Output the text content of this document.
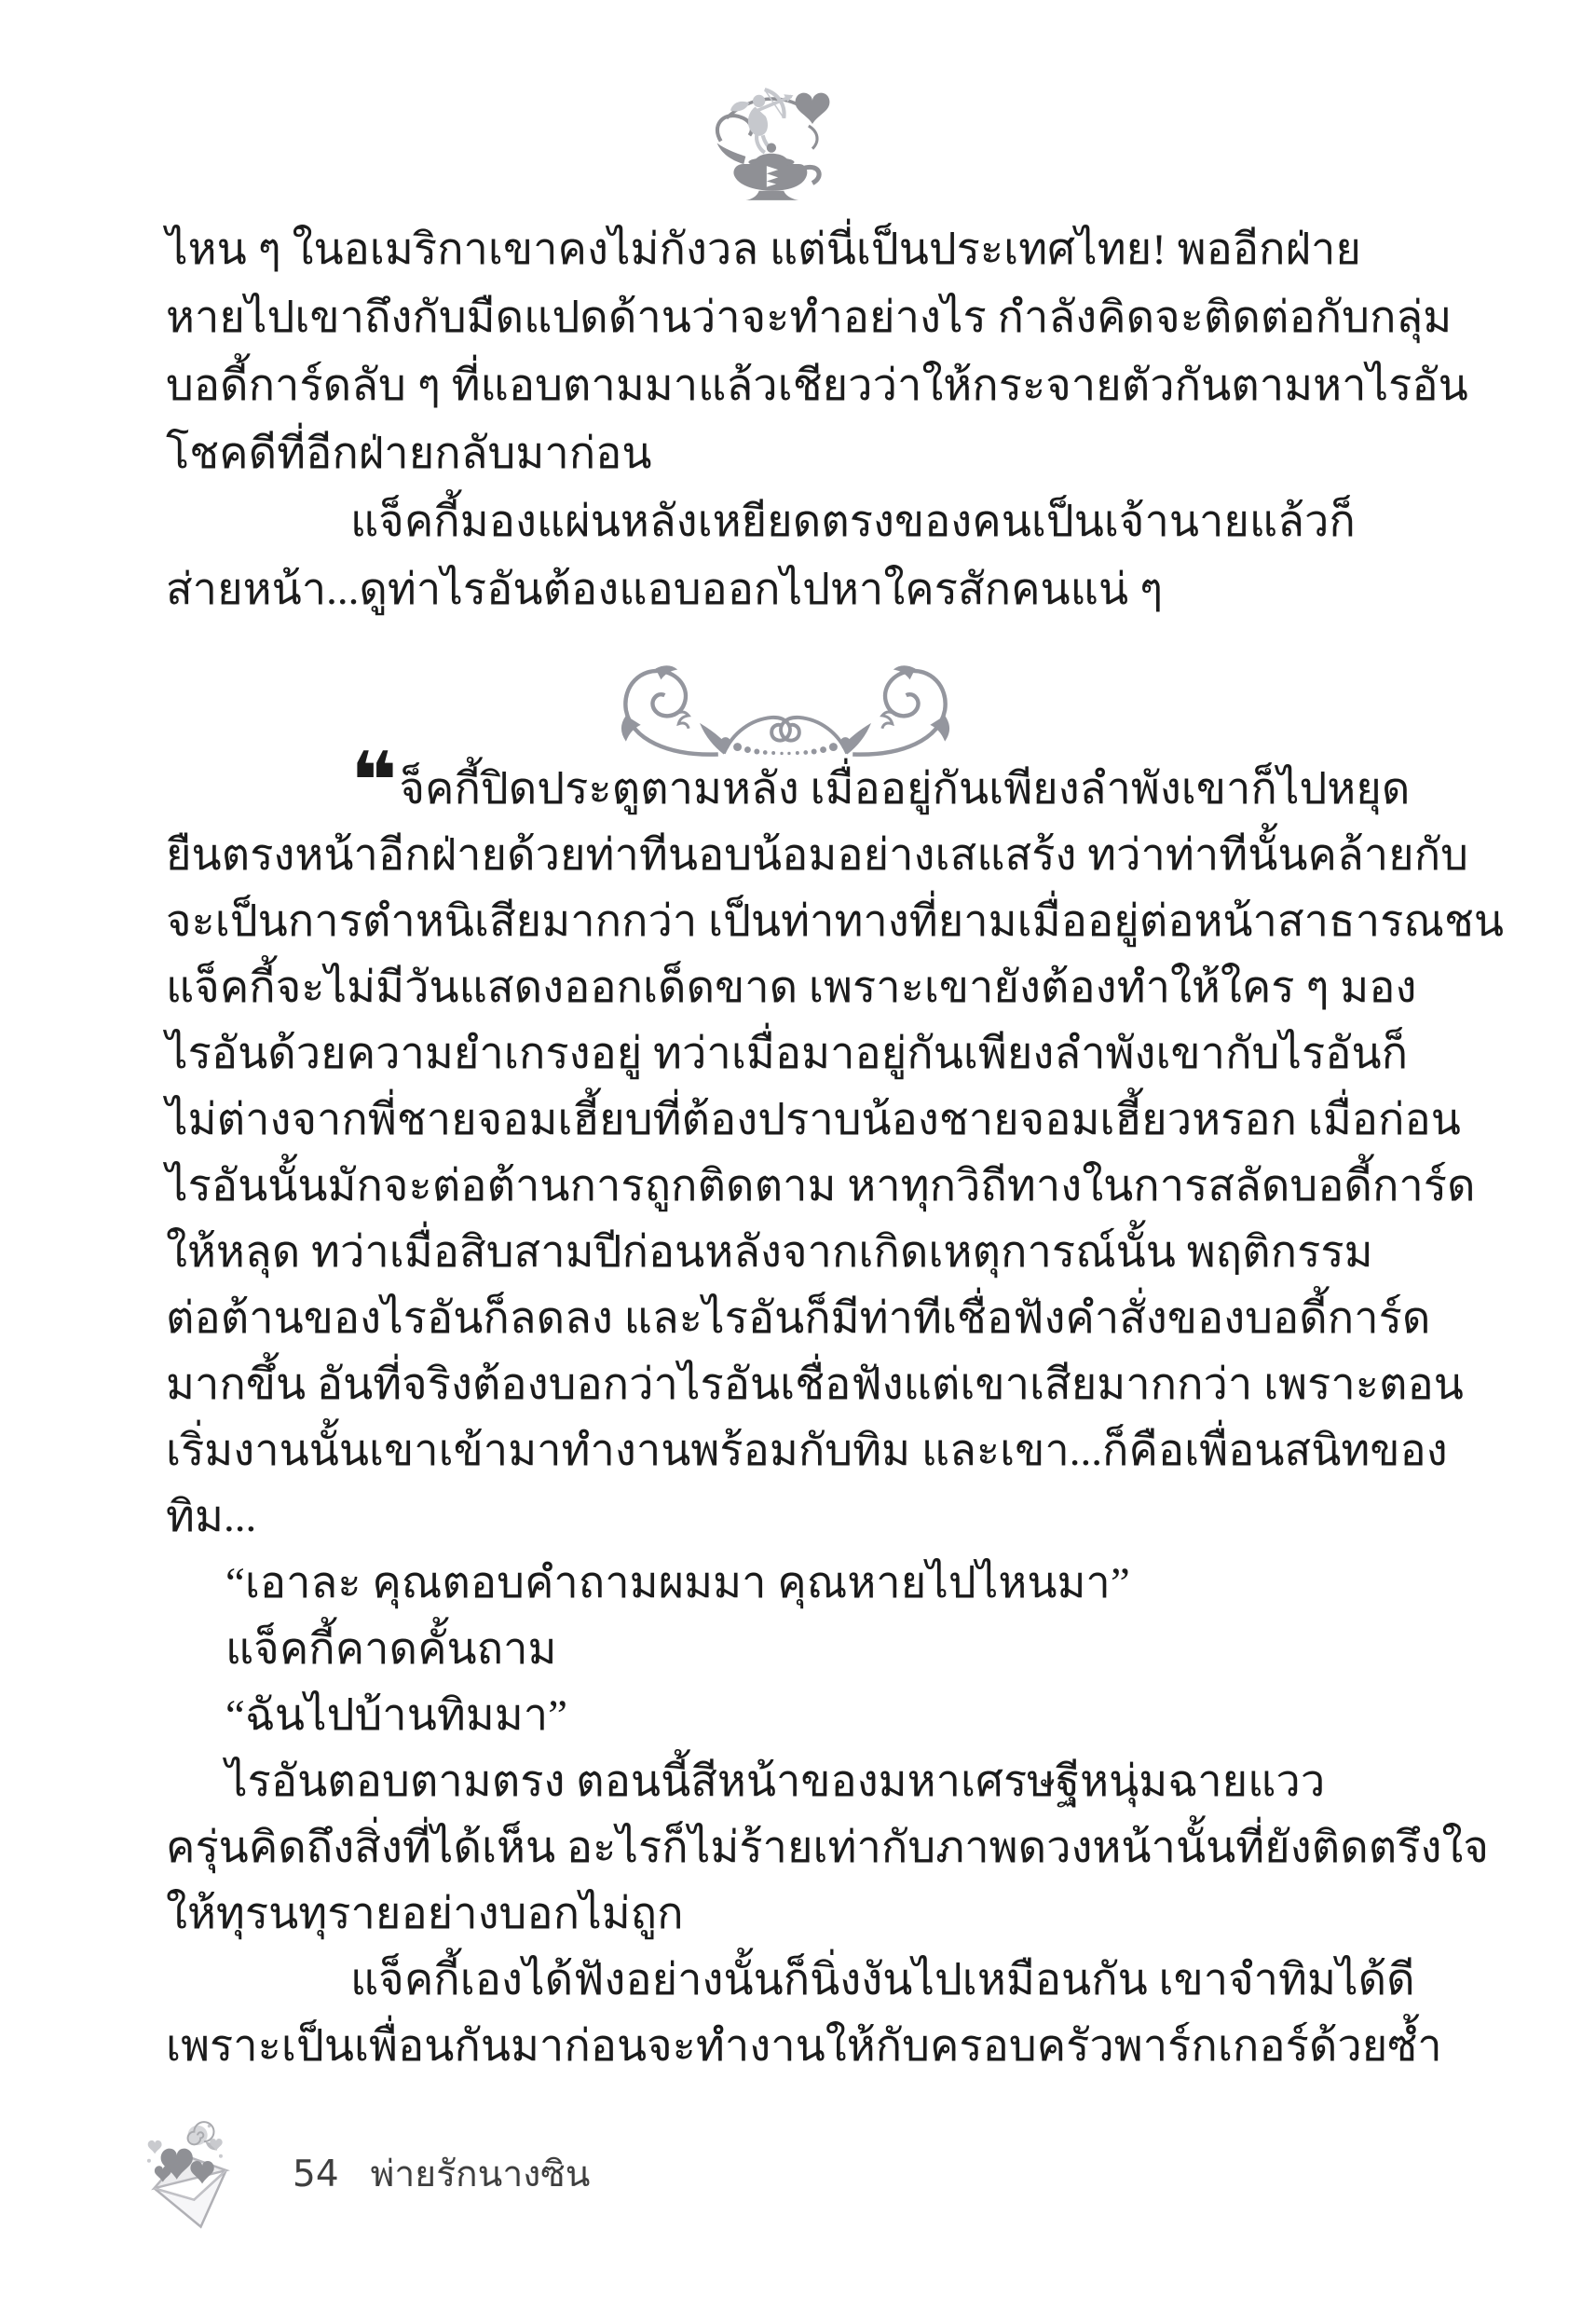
ไหน ๆ ในอเมริกาเขาคงไม่กังวล แต่นี่เป็นประเทศไทย! พออีกฝ่าย
หายไปเขาถึงกับมืดแปดด้านว่าจะทำอย่างไร กำลังคิดจะติดต่อกับกลุ่ม
บอดี้การ์ดลับ ๆ ที่แอบตามมาแล้วเชียวว่าให้กระจายตัวกันตามหาไรอัน
โชคดีที่อีกฝ่ายกลับมาก่อน
แจ็คกี้มองแผ่นหลังเหยียดตรงของคนเป็นเจ้านายแล้วก็
ส่ายหน้า...ดูท่าไรอันต้องแอบออกไปหาใครสักคนแน่ ๆ
❝ จ็คกี้ปิดประตูตามหลัง เมื่ออยู่กันเพียงลำพังเขาก็ไปหยุด
ยืนตรงหน้าอีกฝ่ายด้วยท่าทีนอบน้อมอย่างเสแสร้ง ทว่าท่าทีนั้นคล้ายกับ
จะเป็นการตำหนิเสียมากกว่า เป็นท่าทางที่ยามเมื่ออยู่ต่อหน้าสาธารณชน
แจ็คกี้จะไม่มีวันแสดงออกเด็ดขาด เพราะเขายังต้องทำให้ใคร ๆ มอง
ไรอันด้วยความยำเกรงอยู่ ทว่าเมื่อมาอยู่กันเพียงลำพังเขากับไรอันก็
ไม่ต่างจากพี่ชายจอมเฮี้ยบที่ต้องปราบน้องชายจอมเฮี้ยวหรอก เมื่อก่อน
ไรอันนั้นมักจะต่อต้านการถูกติดตาม หาทุกวิถีทางในการสลัดบอดี้การ์ด
ให้หลุด ทว่าเมื่อสิบสามปีก่อนหลังจากเกิดเหตุการณ์นั้น พฤติกรรม
ต่อต้านของไรอันก็ลดลง และไรอันก็มีท่าทีเชื่อฟังคำสั่งของบอดี้การ์ด
มากขึ้น อันที่จริงต้องบอกว่าไรอันเชื่อฟังแต่เขาเสียมากกว่า เพราะตอน
เริ่มงานนั้นเขาเข้ามาทำงานพร้อมกับทิม และเขา...ก็คือเพื่อนสนิทของ
ทิม...
“เอาละ คุณตอบคำถามผมมา คุณหายไปไหนมา”
แจ็คกี้คาดคั้นถาม
“ฉันไปบ้านทิมมา”
ไรอันตอบตามตรง ตอนนี้สีหน้าของมหาเศรษฐีหนุ่มฉายแวว
ครุ่นคิดถึงสิ่งที่ได้เห็น อะไรก็ไม่ร้ายเท่ากับภาพดวงหน้านั้นที่ยังติดตรึงใจ
ให้ทุรนทุรายอย่างบอกไม่ถูก
แจ็คกี้เองได้ฟังอย่างนั้นก็นิ่งงันไปเหมือนกัน เขาจำทิมได้ดี
เพราะเป็นเพื่อนกันมาก่อนจะทำงานให้กับครอบครัวพาร์กเกอร์ด้วยซ้ำ
54 พ่ายรักนางซิน
